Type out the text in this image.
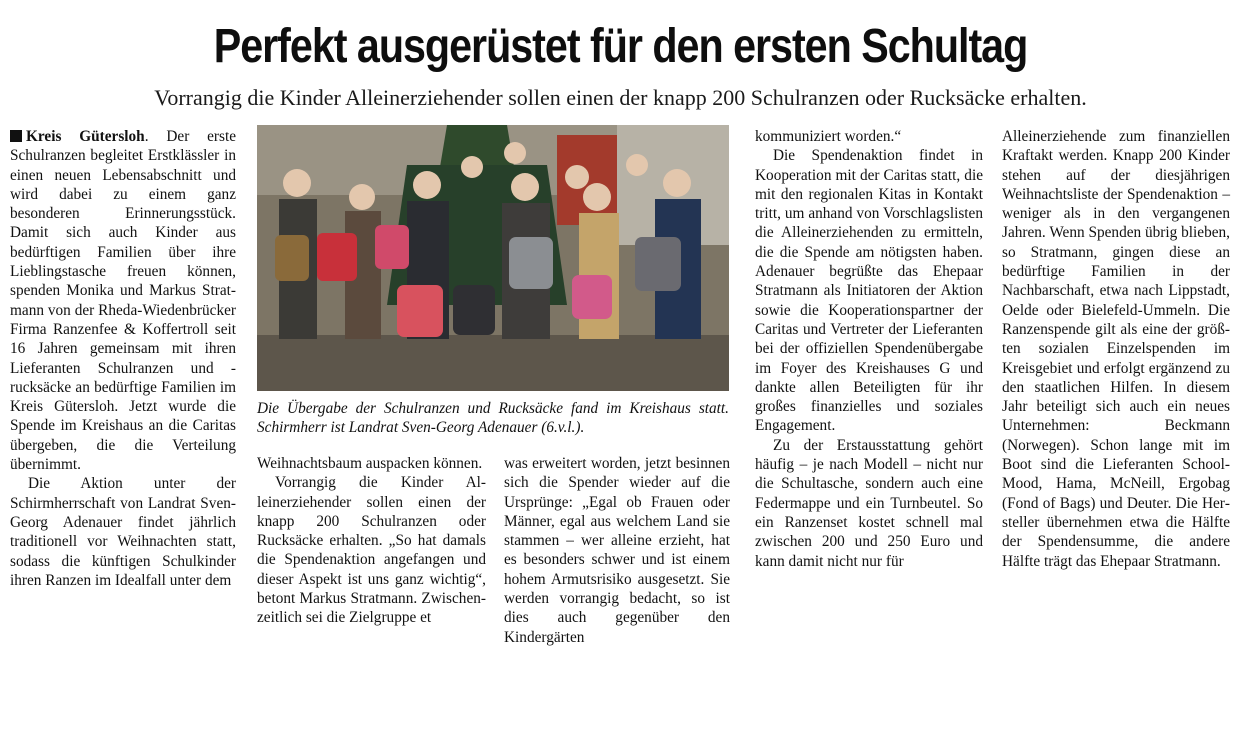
Perfekt ausgerüstet für den ersten Schultag

Vorrangig die Kinder Alleinerziehender sollen einen der knapp 200 Schulranzen oder Rucksäcke erhalten.

Kreis Gütersloh. Der erste Schulranzen begleitet Erstklässler in einen neuen Lebensabschnitt und wird dabei zu einem ganz besonderen Erinnerungsstück. Damit sich auch Kinder aus bedürftigen Familien über ihre Lieblingstasche freuen können, spenden Monika und Markus Stratmann von der Rheda-Wiedenbrücker Firma Ranzenfee & Koffertroll seit 16 Jahren gemeinsam mit ihren Lieferanten Schulranzen und -rucksäcke an bedürftige Familien im Kreis Gütersloh. Jetzt wurde die Spende im Kreishaus an die Caritas übergeben, die die Verteilung übernimmt.

Die Aktion unter der Schirmherrschaft von Landrat Sven-Georg Adenauer findet jährlich traditionell vor Weihnachten statt, sodass die künftigen Schulkinder ihren Ranzen im Idealfall unter dem

Die Übergabe der Schulranzen und Rucksäcke fand im Kreishaus statt. Schirmherr ist Landrat Sven-Georg Adenauer (6.v.l.).

Weihnachtsbaum auspacken können.

Vorrangig die Kinder Alleinerziehender sollen einen der knapp 200 Schulranzen oder Rucksäcke erhalten. „So hat damals die Spendenaktion angefangen und dieser Aspekt ist uns ganz wichtig“, betont Markus Stratmann. Zwischenzeitlich sei die Zielgruppe et

was erweitert worden, jetzt besinnen sich die Spender wieder auf die Ursprünge: „Egal ob Frauen oder Männer, egal aus welchem Land sie stammen – wer alleine erzieht, hat es besonders schwer und ist einem hohem Armutsrisiko ausgesetzt. Sie werden vorrangig bedacht, so ist dies auch gegenüber den Kindergärten

kommuniziert worden.“

Die Spendenaktion findet in Kooperation mit der Caritas statt, die mit den regionalen Kitas in Kontakt tritt, um anhand von Vorschlagslisten die Alleinerziehenden zu ermitteln, die die Spende am nötigsten haben. Adenauer begrüßte das Ehepaar Stratmann als Initiatoren der Aktion sowie die Kooperationspartner der Caritas und Vertreter der Lieferanten bei der offiziellen Spendenübergabe im Foyer des Kreishauses G und dankte allen Beteiligten für ihr großes finanzielles und soziales Engagement.

Zu der Erstausstattung gehört häufig – je nach Modell – nicht nur die Schultasche, sondern auch eine Federmappe und ein Turnbeutel. So ein Ranzenset kostet schnell mal zwischen 200 und 250 Euro und kann damit nicht nur für

Alleinerziehende zum finanziellen Kraftakt werden. Knapp 200 Kinder stehen auf der diesjährigen Weihnachtsliste der Spendenaktion – weniger als in den vergangenen Jahren. Wenn Spenden übrig blieben, so Stratmann, gingen diese an bedürftige Familien in der Nachbarschaft, etwa nach Lippstadt, Oelde oder Bielefeld-Ummeln. Die Ranzenspende gilt als eine der größten sozialen Einzelspenden im Kreisgebiet und erfolgt ergänzend zu den staatlichen Hilfen. In diesem Jahr beteiligt sich auch ein neues Unternehmen: Beckmann (Norwegen). Schon lange mit im Boot sind die Lieferanten School-Mood, Hama, McNeill, Ergobag (Fond of Bags) und Deuter. Die Hersteller übernehmen etwa die Hälfte der Spendensumme, die andere Hälfte trägt das Ehepaar Stratmann.
